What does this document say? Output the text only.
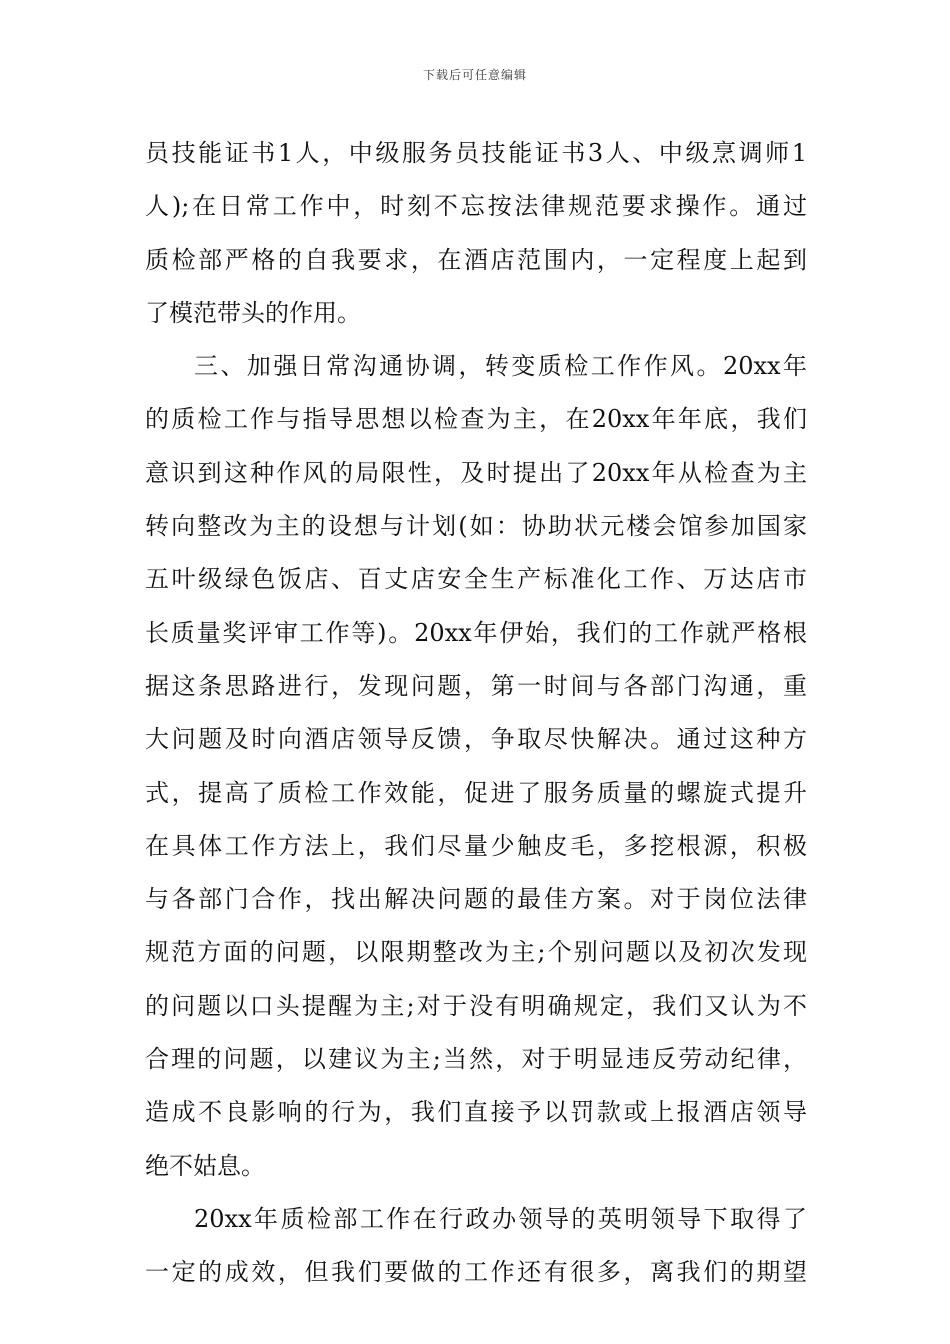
下载后可任意编辑
员技能证书1人，中级服务员技能证书3人、中级烹调师1
人);在日常工作中，时刻不忘按法律规范要求操作。通过
质检部严格的自我要求，在酒店范围内，一定程度上起到
了模范带头的作用。
三、加强日常沟通协调，转变质检工作作风。20xx年
的质检工作与指导思想以检查为主，在20xx年年底，我们
意识到这种作风的局限性，及时提出了20xx年从检查为主
转向整改为主的设想与计划(如：协助状元楼会馆参加国家
五叶级绿色饭店、百丈店安全生产标准化工作、万达店市
长质量奖评审工作等)。20xx年伊始，我们的工作就严格根
据这条思路进行，发现问题，第一时间与各部门沟通，重
大问题及时向酒店领导反馈，争取尽快解决。通过这种方
式，提高了质检工作效能，促进了服务质量的螺旋式提升
在具体工作方法上，我们尽量少触皮毛，多挖根源，积极
与各部门合作，找出解决问题的最佳方案。对于岗位法律
规范方面的问题，以限期整改为主;个别问题以及初次发现
的问题以口头提醒为主;对于没有明确规定，我们又认为不
合理的问题，以建议为主;当然，对于明显违反劳动纪律，
造成不良影响的行为，我们直接予以罚款或上报酒店领导
绝不姑息。
20xx年质检部工作在行政办领导的英明领导下取得了
一定的成效，但我们要做的工作还有很多，离我们的期望
